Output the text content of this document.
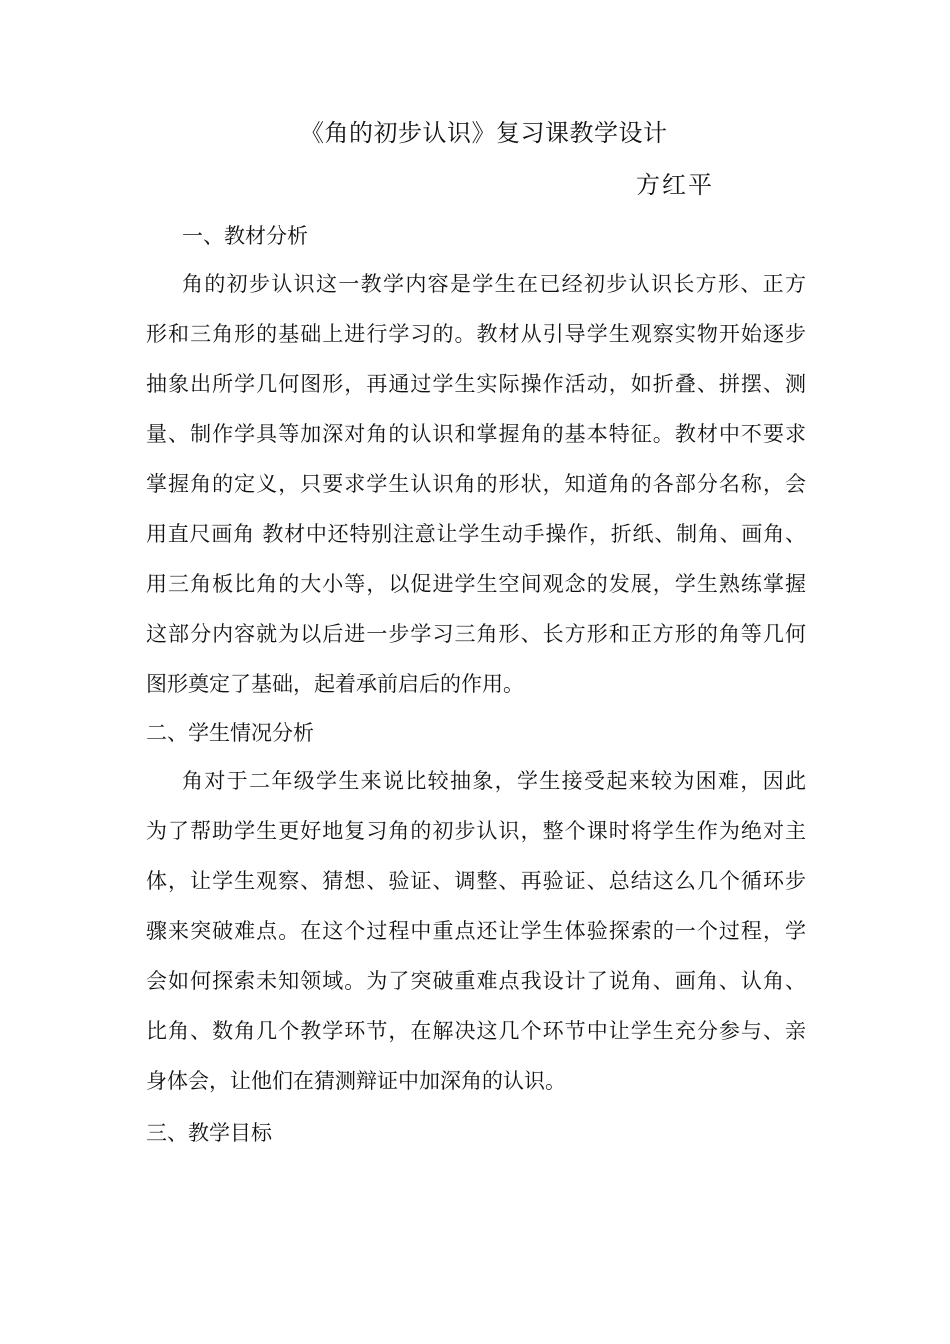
《角的初步认识》复习课教学设计
方红平
一、教材分析
角的初步认识这一教学内容是学生在已经初步认识长方形、正方
形和三角形的基础上进行学习的。教材从引导学生观察实物开始逐步
抽象出所学几何图形，再通过学生实际操作活动，如折叠、拼摆、测
量、制作学具等加深对角的认识和掌握角的基本特征。教材中不要求
掌握角的定义，只要求学生认识角的形状，知道角的各部分名称，会
用直尺画角 教材中还特别注意让学生动手操作，折纸、制角、画角、
用三角板比角的大小等，以促进学生空间观念的发展，学生熟练掌握
这部分内容就为以后进一步学习三角形、长方形和正方形的角等几何
图形奠定了基础，起着承前启后的作用。
二、学生情况分析
角对于二年级学生来说比较抽象，学生接受起来较为困难，因此
为了帮助学生更好地复习角的初步认识，整个课时将学生作为绝对主
体，让学生观察、猜想、验证、调整、再验证、总结这么几个循环步
骤来突破难点。在这个过程中重点还让学生体验探索的一个过程，学
会如何探索未知领域。为了突破重难点我设计了说角、画角、认角、
比角、数角几个教学环节，在解决这几个环节中让学生充分参与、亲
身体会，让他们在猜测辩证中加深角的认识。
三、教学目标
